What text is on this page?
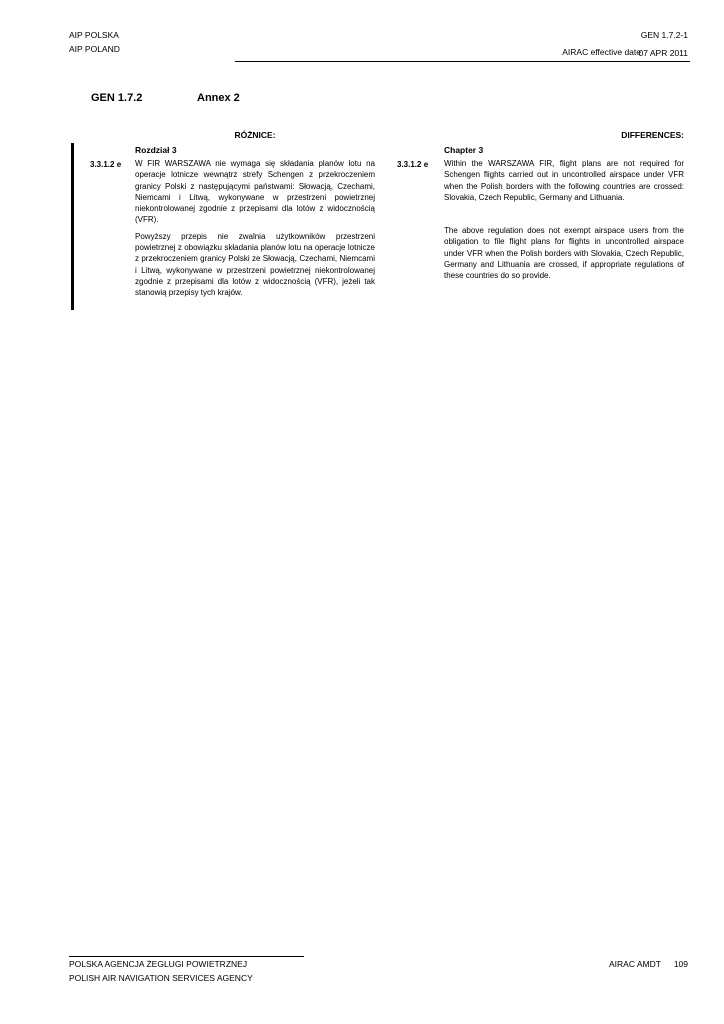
AIP POLSKA
AIP POLAND
GEN 1.7.2-1
AIRAC effective date
07 APR 2011
GEN 1.7.2	Annex 2
RÓŻNICE:
Rozdział 3
3.3.1.2 e W FIR WARSZAWA nie wymaga się składania planów lotu na operacje lotnicze wewnątrz strefy Schengen z przekroczeniem granicy Polski z następującymi państwami: Słowacją, Czechami, Niemcami i Litwą, wykonywane w przestrzeni powietrznej niekontrolowanej zgodnie z przepisami dla lotów z widocznością (VFR).

Powyższy przepis nie zwalnia użytkowników przestrzeni powietrznej z obowiązku składania planów lotu na operacje lotnicze z przekroczeniem granicy Polski ze Słowacją, Czechami, Niemcami i Litwą, wykonywane w przestrzeni powietrznej niekontrolowanej zgodnie z przepisami dla lotów z widocznością (VFR), jeżeli tak stanowią przepisy tych krajów.

DIFFERENCES:
Chapter 3
3.3.1.2 e Within the WARSZAWA FIR, flight plans are not required for Schengen flights carried out in uncontrolled airspace under VFR when the Polish borders with the following countries are crossed: Slovakia, Czech Republic, Germany and Lithuania.

The above regulation does not exempt airspace users from the obligation to file flight plans for flights in uncontrolled airspace under VFR when the Polish borders with Slovakia, Czech Republic, Germany and Lithuania are crossed, if appropriate regulations of these countries do so provide.

POLSKA AGENCJA ŻEGLUGI POWIETRZNEJ
POLISH AIR NAVIGATION SERVICES AGENCY
AIRAC AMDT 109
